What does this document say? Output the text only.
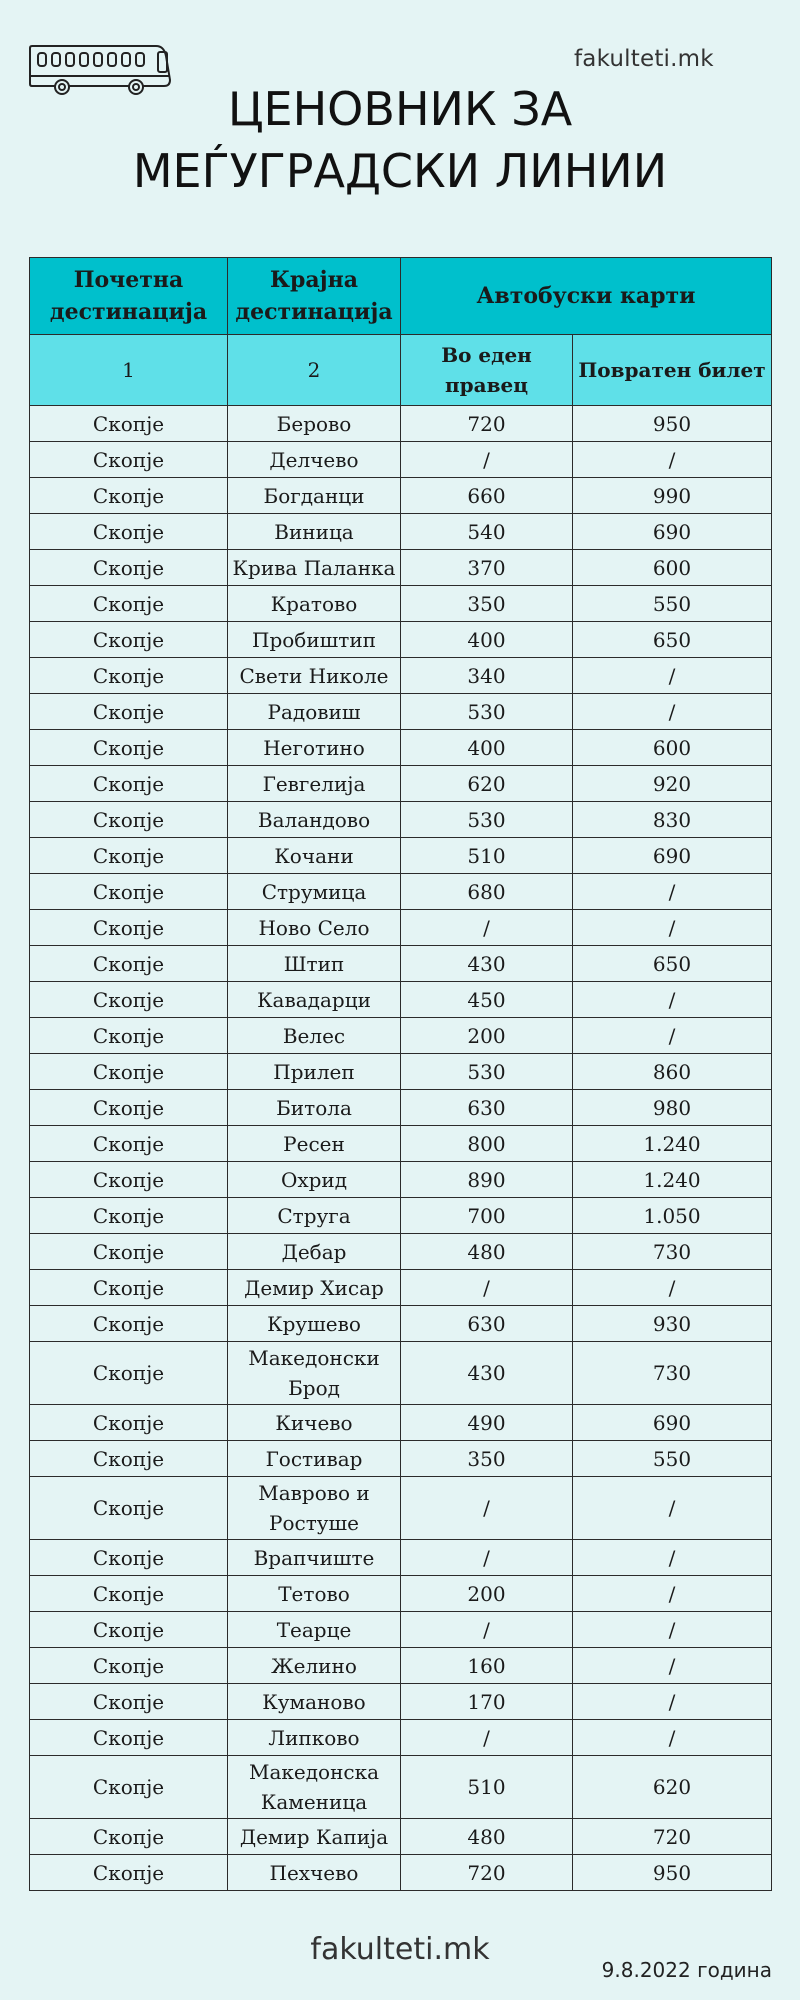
fakulteti.mk
ЦЕНОВНИК ЗА
МЕЃУГРАДСКИ ЛИНИИ
Почетна дестинација	Крајна дестинација	Автобуски карти	
1	2	Во еден правец	Повратен билет
Скопје	Берово	720	950
Скопје	Делчево	/	/
Скопје	Богданци	660	990
Скопје	Виница	540	690
Скопје	Крива Паланка	370	600
Скопје	Кратово	350	550
Скопје	Пробиштип	400	650
Скопје	Свети Николе	340	/
Скопје	Радовиш	530	/
Скопје	Неготино	400	600
Скопје	Гевгелија	620	920
Скопје	Валандово	530	830
Скопје	Кочани	510	690
Скопје	Струмица	680	/
Скопје	Ново Село	/	/
Скопје	Штип	430	650
Скопје	Кавадарци	450	/
Скопје	Велес	200	/
Скопје	Прилеп	530	860
Скопје	Битола	630	980
Скопје	Ресен	800	1.240
Скопје	Охрид	890	1.240
Скопје	Струга	700	1.050
Скопје	Дебар	480	730
Скопје	Демир Хисар	/	/
Скопје	Крушево	630	930
Скопје	Македонски Брод	430	730
Скопје	Кичево	490	690
Скопје	Гостивар	350	550
Скопје	Маврово и Ростуше	/	/
Скопје	Врапчиште	/	/
Скопје	Тетово	200	/
Скопје	Теарце	/	/
Скопје	Желино	160	/
Скопје	Куманово	170	/
Скопје	Липково	/	/
Скопје	Македонска Каменица	510	620
Скопје	Демир Капија	480	720
Скопје	Пехчево	720	950
fakulteti.mk
9.8.2022 година
